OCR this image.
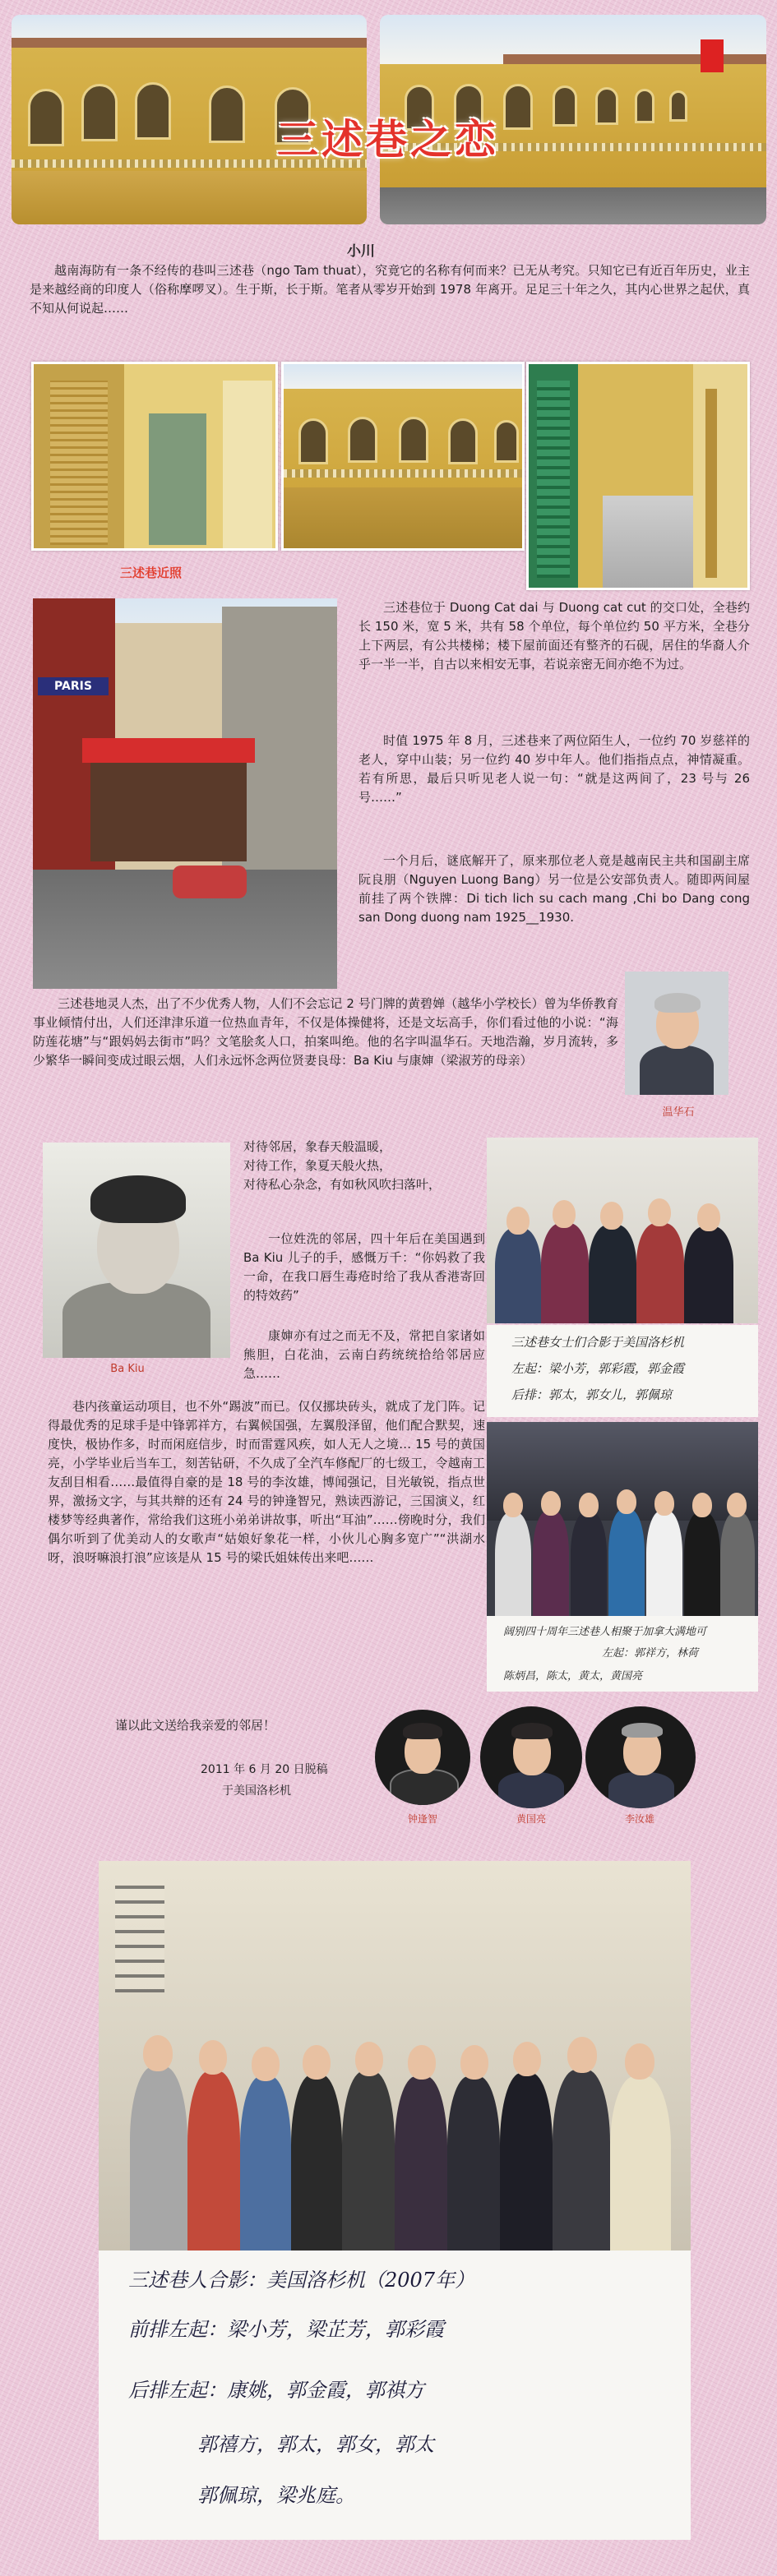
三述巷之恋
小川

越南海防有一条不经传的巷叫三述巷（ngo Tam thuat），究竟它的名称有何而来？已无从考究。只知它已有近百年历史，业主是来越经商的印度人（俗称摩啰叉）。生于斯，长于斯。笔者从零岁开始到 1978 年离开。足足三十年之久，其内心世界之起伏，真不知从何说起……

三述巷近照
PARIS

三述巷位于 Duong Cat dai 与 Duong cat cut 的交口处，全巷约长 150 米，宽 5 米，共有 58 个单位，每个单位约 50 平方米，全巷分上下两层，有公共楼梯；楼下屋前面还有整齐的石砚，居住的华裔人介乎一半一半，自古以来相安无事，若说亲密无间亦绝不为过。

时值 1975 年 8 月，三述巷来了两位陌生人，一位约 70 岁慈祥的老人，穿中山装；另一位约 40 岁中年人。他们指指点点，神情凝重。若有所思，最后只听见老人说一句：“就是这两间了，23 号与 26 号……”

一个月后，谜底解开了，原来那位老人竟是越南民主共和国副主席阮良朋（Nguyen Luong Bang）另一位是公安部负责人。随即两间屋前挂了两个铁牌：Di tich lich su cach mang ,Chi bo Dang cong san Dong duong nam 1925__1930.

三述巷地灵人杰，出了不少优秀人物，人们不会忘记 2 号门牌的黄碧婵（越华小学校长）曾为华侨教育事业倾情付出，人们还津津乐道一位热血青年，不仅是体操健将，还是文坛高手，你们看过他的小说：“海防莲花塘”与“跟妈妈去街市”吗？文笔脍炙人口，拍案叫绝。他的名字叫温华石。天地浩瀚，岁月流转，多少繁华一瞬间变成过眼云烟，人们永远怀念两位贤妻良母：Ba Kiu 与康婶（梁淑芳的母亲）

温华石
Ba Kiu

对待邻居，象春天般温暖，

对待工作，象夏天般火热，

对待私心杂念，有如秋风吹扫落叶，

一位姓洗的邻居，四十年后在美国遇到 Ba Kiu 儿子的手，感慨万千：“你妈救了我一命，在我口唇生毒疮时给了我从香港寄回的特效药”

康婶亦有过之而无不及，常把自家诸如熊胆，白花油，云南白药统统拾给邻居应急……

三述巷女士们合影于美国洛杉机
左起：梁小芳，郭彩霞，郭金霞
后排：郭太，郭女儿，郭佩琼
阔别四十周年三述巷人相聚于加拿大满地可
左起：郭祥方，林荷
陈炳昌，陈太，黄太，黄国亮

巷内孩童运动项目，也不外“踢波”而已。仅仅挪块砖头，就成了龙门阵。记得最优秀的足球手是中锋郭祥方，右翼候国强，左翼殷泽留，他们配合默契，速度快，极协作多，时而闲庭信步，时而雷霆风疾，如人无人之境… 15 号的黄国亮，小学毕业后当车工，刻苦钻研，不久成了全汽车修配厂的七级工，令越南工友刮目相看……最值得自豪的是 18 号的李汝雄，博闻强记，目光敏锐，指点世界，激扬文字，与其共辩的还有 24 号的钟逢智兄，熟读西游记，三国演义，红楼梦等经典著作，常给我们这班小弟弟讲故事，听出“耳油”……傍晚时分，我们偶尔听到了优美动人的女歌声“姑娘好象花一样，小伙儿心胸多宽广”“洪湖水呀，浪呀嘛浪打浪”应该是从 15 号的梁氏姐妹传出来吧……

谨以此文送给我亲爱的邻居！

2011 年 6 月 20 日脱稿

于美国洛杉机

钟逢智	黄国亮	李汝雄
三述巷人合影：美国洛杉机（2007年）
前排左起：梁小芳，梁芷芳，郭彩霞
后排左起：康姚，郭金霞，郭祺方
郭禧方，郭太，郭女，郭太
郭佩琼，梁兆庭。
